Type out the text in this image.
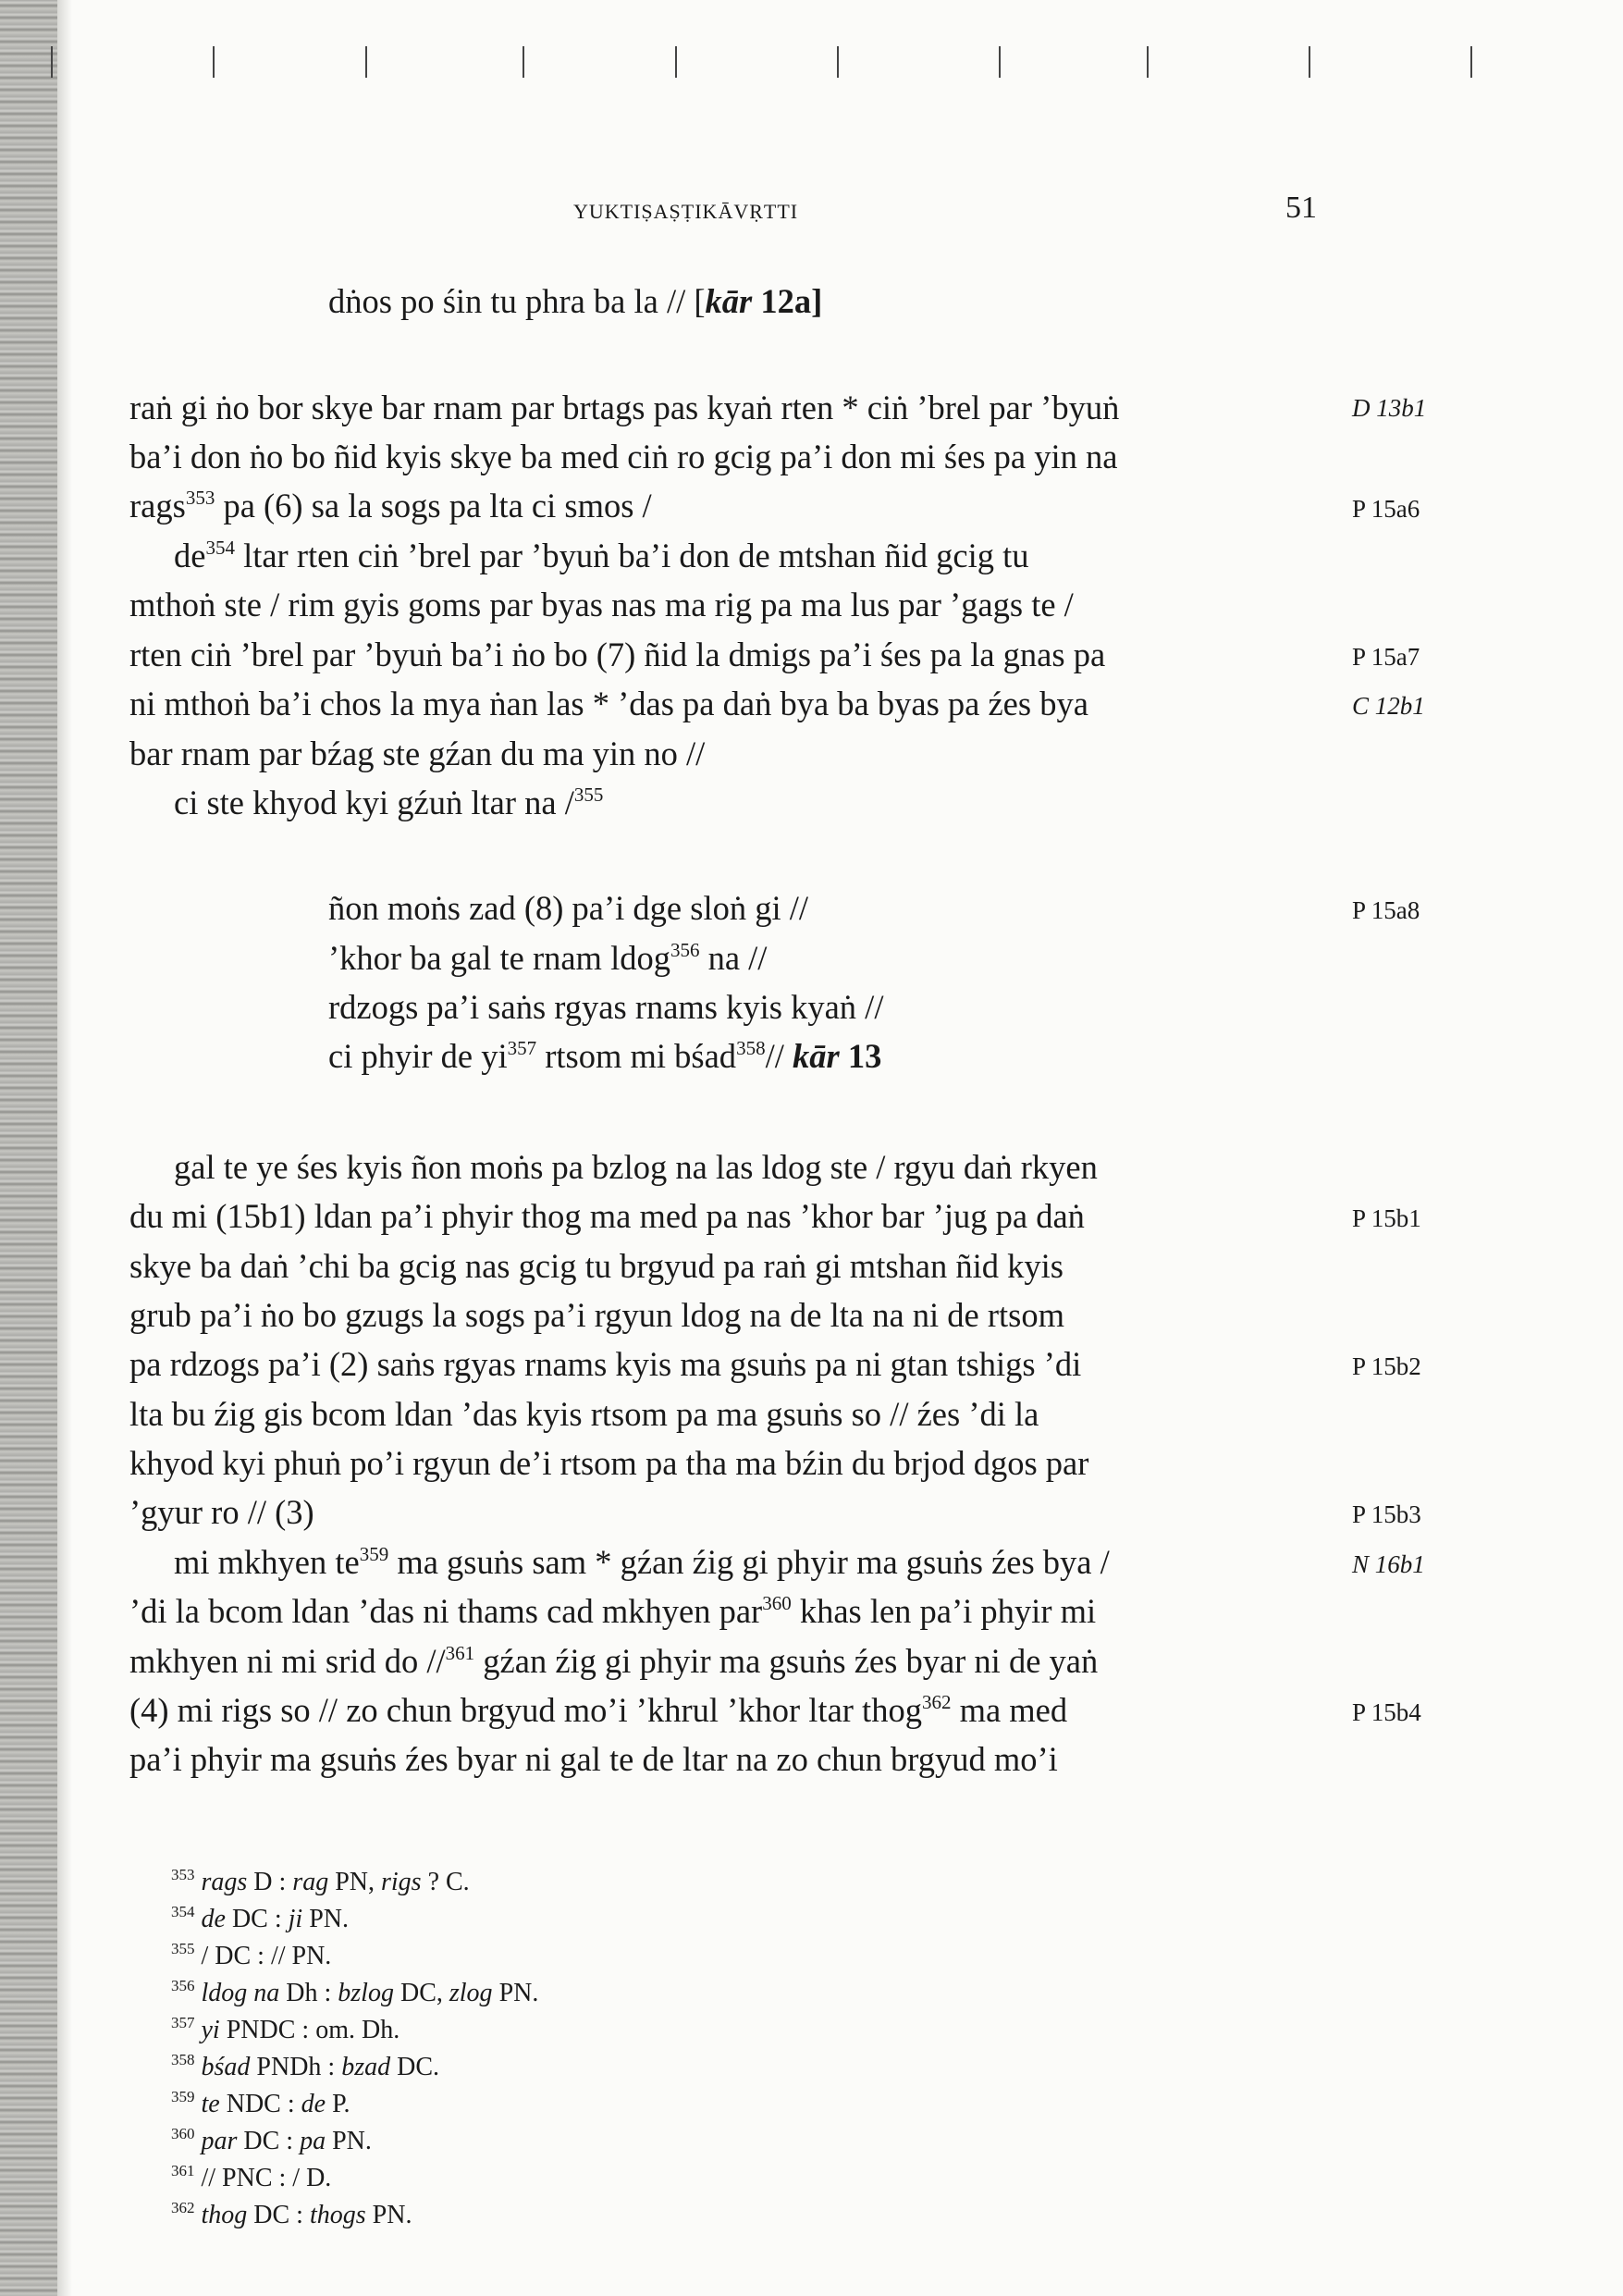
YUKTIṢAṢṬIKĀVṚTTI	51
dṅos po śin tu phra ba la // [kār 12a]
raṅ gi ṅo bor skye bar rnam par brtags pas kyaṅ rten * ciṅ ’brel par ’byuṅ
ba’i don ṅo bo ñid kyis skye ba med ciṅ ro gcig pa’i don mi śes pa yin na
rags$^{353}$ pa (6) sa la sogs pa lta ci smos /
$de^{354}$ ltar rten ciṅ ’brel par ’byuṅ ba’i don de mtshan ñid gcig tu
mthoṅ ste / rim gyis goms par byas nas ma rig pa ma lus par ’gags te /
rten ciṅ ’brel par ’byuṅ ba’i ṅo bo (7) ñid la dmigs pa’i śes pa la gnas pa
ni mthoṅ ba’i chos la mya ṅan las * ’das pa daṅ bya ba byas pa źes bya
bar rnam par bźag ste gźan du ma yin no //
ci ste khyod kyi gźuṅ ltar na /$^{355}$
ñon moṅs zad (8) pa’i dge sloṅ gi //
’khor ba gal te rnam ldog$^{356}$ na //
rdzogs pa’i saṅs rgyas rnams kyis kyaṅ //
ci phyir de $yi^{357}$ rtsom mi bśad$^{358}$// kār 13
gal te ye śes kyis ñon moṅs pa bzlog na las ldog ste / rgyu daṅ rkyen
du mi (15b1) ldan pa’i phyir thog ma med pa nas ’khor bar ’jug pa daṅ
skye ba daṅ ’chi ba gcig nas gcig tu brgyud pa raṅ gi mtshan ñid kyis
grub pa’i ṅo bo gzugs la sogs pa’i rgyun ldog na de lta na ni de rtsom
pa rdzogs pa’i (2) saṅs rgyas rnams kyis ma gsuṅs pa ni gtan tshigs ’di
lta bu źig gis bcom ldan ’das kyis rtsom pa ma gsuṅs so // źes ’di la
khyod kyi phuṅ po’i rgyun de’i rtsom pa tha ma bźin du brjod dgos par
’gyur ro // (3)
mi mkhyen $te^{359}$ ma gsuṅs sam * gźan źig gi phyir ma gsuṅs źes bya /
’di la bcom ldan ’das ni thams cad mkhyen par$^{360}$ khas len pa’i phyir mi
mkhyen ni mi srid do //$^{361}$ gźan źig gi phyir ma gsuṅs źes byar ni de yaṅ
(4) mi rigs so // zo chun brgyud mo’i ’khrul ’khor ltar thog$^{362}$ ma med
pa’i phyir ma gsuṅs źes byar ni gal te de ltar na zo chun brgyud mo’i
D 13b1
P 15a6
P 15a7
C 12b1
P 15a8
P 15b1
P 15b2
P 15b3
N 16b1
P 15b4
$^{353}$ rags D : rag PN, rigs ? C.
$^{354}$ de DC : ji PN.
$^{355}$ / DC : // PN.
$^{356}$ ldog na Dh : bzlog DC, zlog PN.
$^{357}$ yi PNDC : om. Dh.
$^{358}$ bśad PNDh : bzad DC.
$^{359}$ te NDC : de P.
$^{360}$ par DC : pa PN.
$^{361}$ // PNC : / D.
$^{362}$ thog DC : thogs PN.
